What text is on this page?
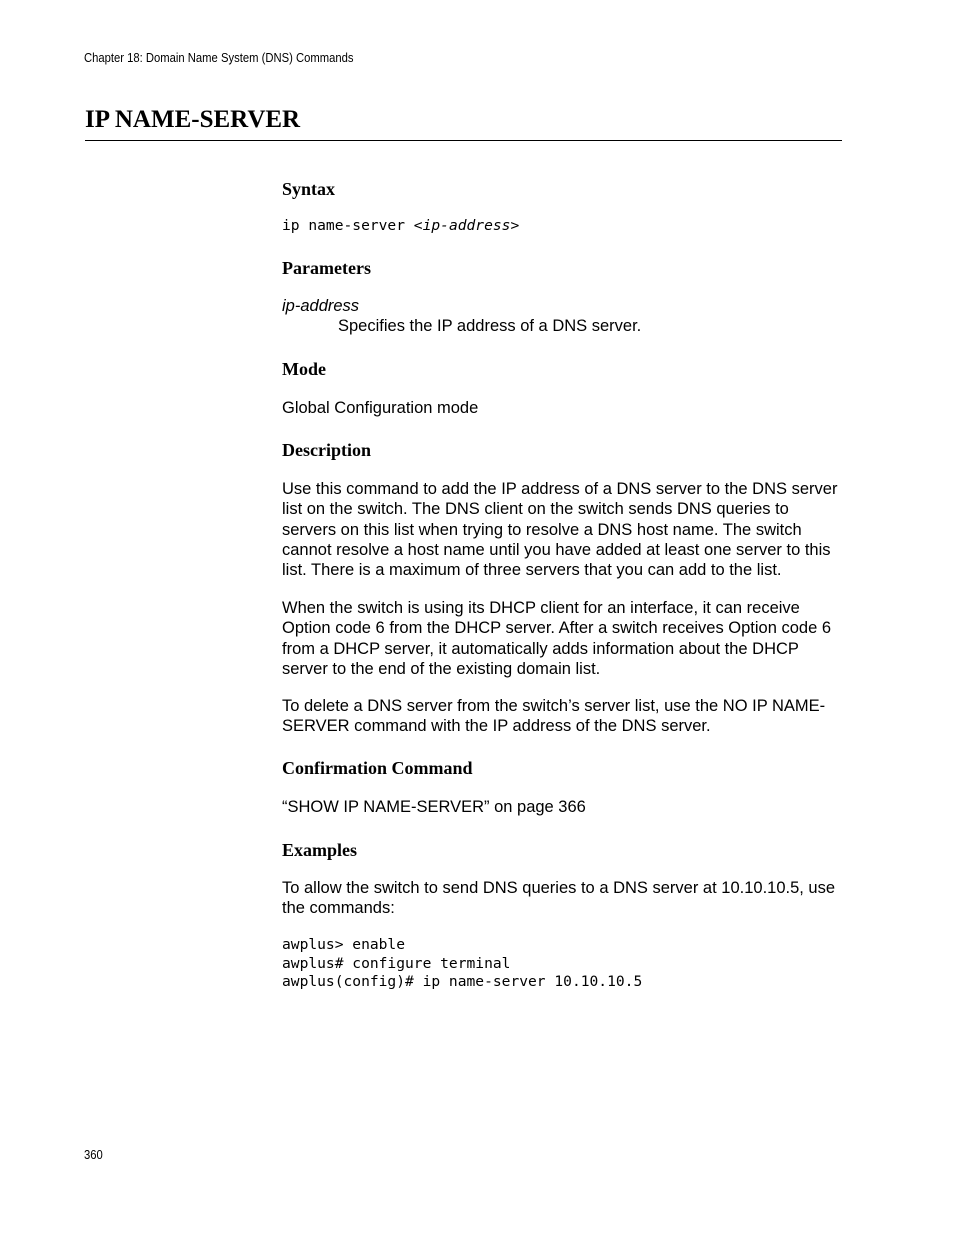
Chapter 18: Domain Name System (DNS) Commands
IP NAME-SERVER
Syntax
ip name-server <ip-address>
Parameters
ip-address
Specifies the IP address of a DNS server.
Mode

Global Configuration mode

Description

Use this command to add the IP address of a DNS server to the DNS server list on the switch. The DNS client on the switch sends DNS queries to servers on this list when trying to resolve a DNS host name. The switch cannot resolve a host name until you have added at least one server to this list. There is a maximum of three servers that you can add to the list.

When the switch is using its DHCP client for an interface, it can receive Option code 6 from the DHCP server. After a switch receives Option code 6 from a DHCP server, it automatically adds information about the DHCP server to the end of the existing domain list.

To delete a DNS server from the switch’s server list, use the NO IP NAME-SERVER command with the IP address of the DNS server.

Confirmation Command

“SHOW IP NAME-SERVER” on page 366

Examples

To allow the switch to send DNS queries to a DNS server at 10.10.10.5, use the commands:

awplus> enable
awplus# configure terminal
awplus(config)# ip name-server 10.10.10.5
360
